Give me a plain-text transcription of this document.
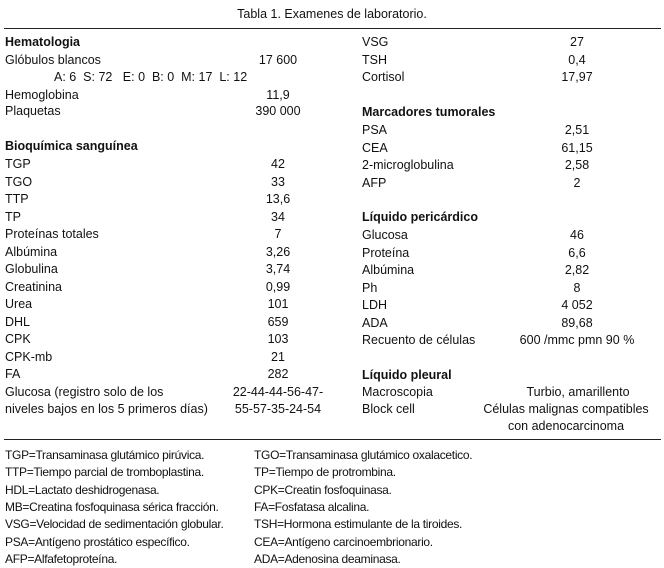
Tabla 1. Examenes de laboratorio.
Hematologia
Glóbulos blancos	17 600
A: 6  S: 72   E: 0  B: 0  M: 17  L: 12
Hemoglobina	11,9
Plaquetas	390 000
Bioquímica sanguínea
TGP	42
TGO	33
TTP	13,6
TP	34
Proteínas totales	7
Albúmina	3,26
Globulina	3,74
Creatinina	0,99
Urea	101
DHL	659
CPK	103
CPK-mb	21
FA	282
Glucosa (registro solo de los
niveles bajos en los 5 primeros días)
22-44-44-56-47-
55-57-35-24-54
VSG	27
TSH	0,4
Cortisol	17,97
Marcadores tumorales
PSA	2,51
CEA	61,15
2-microglobulina	2,58
AFP	2
Líquido pericárdico
Glucosa	46
Proteína	6,6
Albúmina	2,82
Ph	8
LDH	4 052
ADA	89,68
Recuento de células	600 /mmc pmn 90 %
Líquido pleural
Macroscopia	Turbio, amarillento
Block cell	Células malignas compatibles
con adenocarcinoma
TGP=Transaminasa glutámico pirúvica.
TTP=Tiempo parcial de tromboplastina.
HDL=Lactato deshidrogenasa.
MB=Creatina fosfoquinasa sérica fracción.
VSG=Velocidad de sedimentación globular.
PSA=Antígeno prostático específico.
AFP=Alfafetoproteína.
TGO=Transaminasa glutámico oxalacetico.
TP=Tiempo de protrombina.
CPK=Creatin fosfoquinasa.
FA=Fosfatasa alcalina.
TSH=Hormona estimulante de la tiroides.
CEA=Antígeno carcinoembrionario.
ADA=Adenosina deaminasa.
